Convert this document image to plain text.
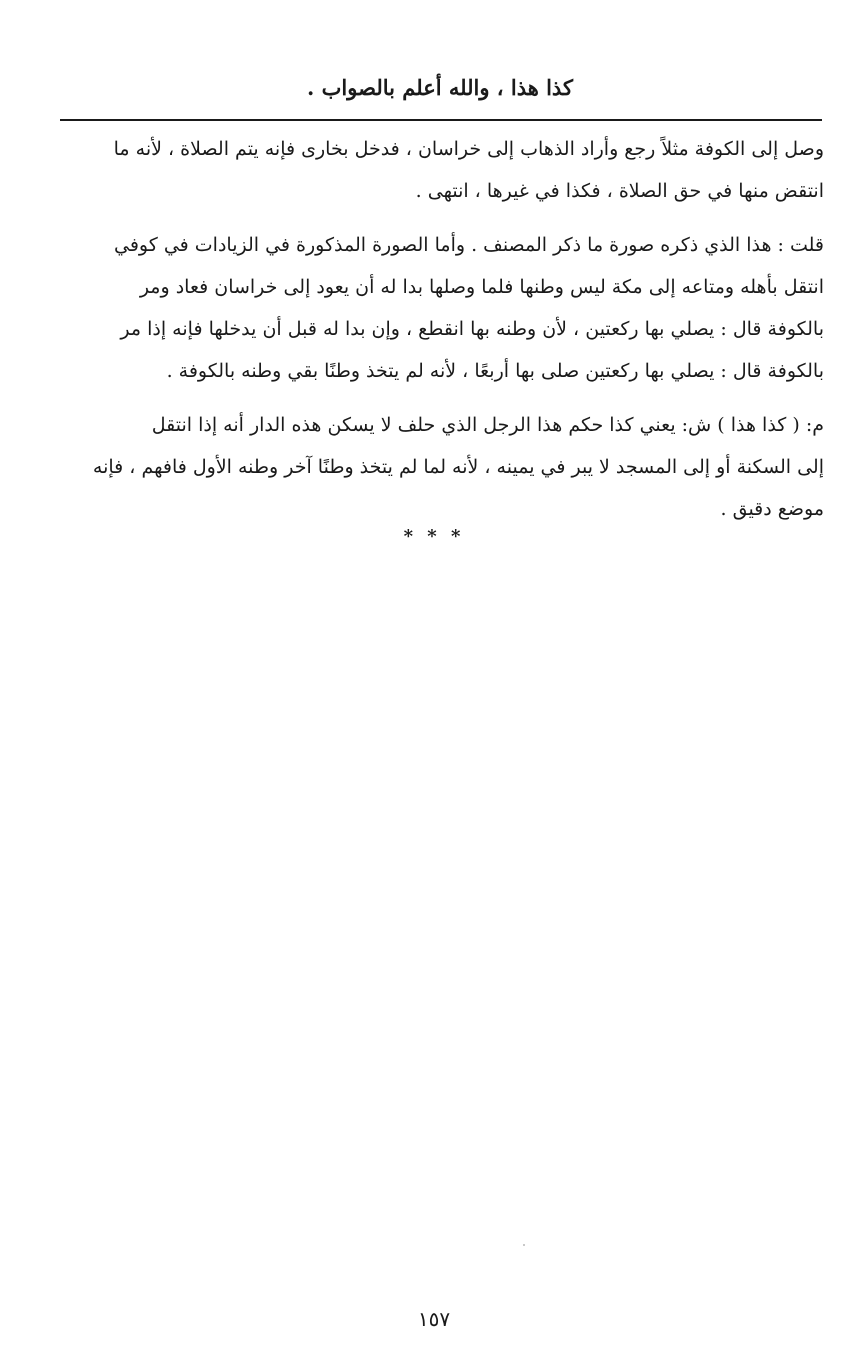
كذا هذا ، والله أعلم بالصواب .

وصل إلى الكوفة مثلاً رجع وأراد الذهاب إلى خراسان ، فدخل بخارى فإنه يتم الصلاة ، لأنه ما
انتقض منها في حق الصلاة ، فكذا في غيرها ، انتهى .

قلت : هذا الذي ذكره صورة ما ذكر المصنف . وأما الصورة المذكورة في الزيادات في كوفي
انتقل بأهله ومتاعه إلى مكة ليس وطنها فلما وصلها بدا له أن يعود إلى خراسان فعاد ومر
بالكوفة قال : يصلي بها ركعتين ، لأن وطنه بها انقطع ، وإن بدا له قبل أن يدخلها فإنه إذا مر
بالكوفة قال : يصلي بها ركعتين صلى بها أربعًا ، لأنه لم يتخذ وطنًا بقي وطنه بالكوفة .

م: ( كذا هذا ) ش: يعني كذا حكم هذا الرجل الذي حلف لا يسكن هذه الدار أنه إذا انتقل
إلى السكنة أو إلى المسجد لا يبر في يمينه ، لأنه لما لم يتخذ وطنًا آخر وطنه الأول فافهم ، فإنه
موضع دقيق .

* * *
١٥٧
